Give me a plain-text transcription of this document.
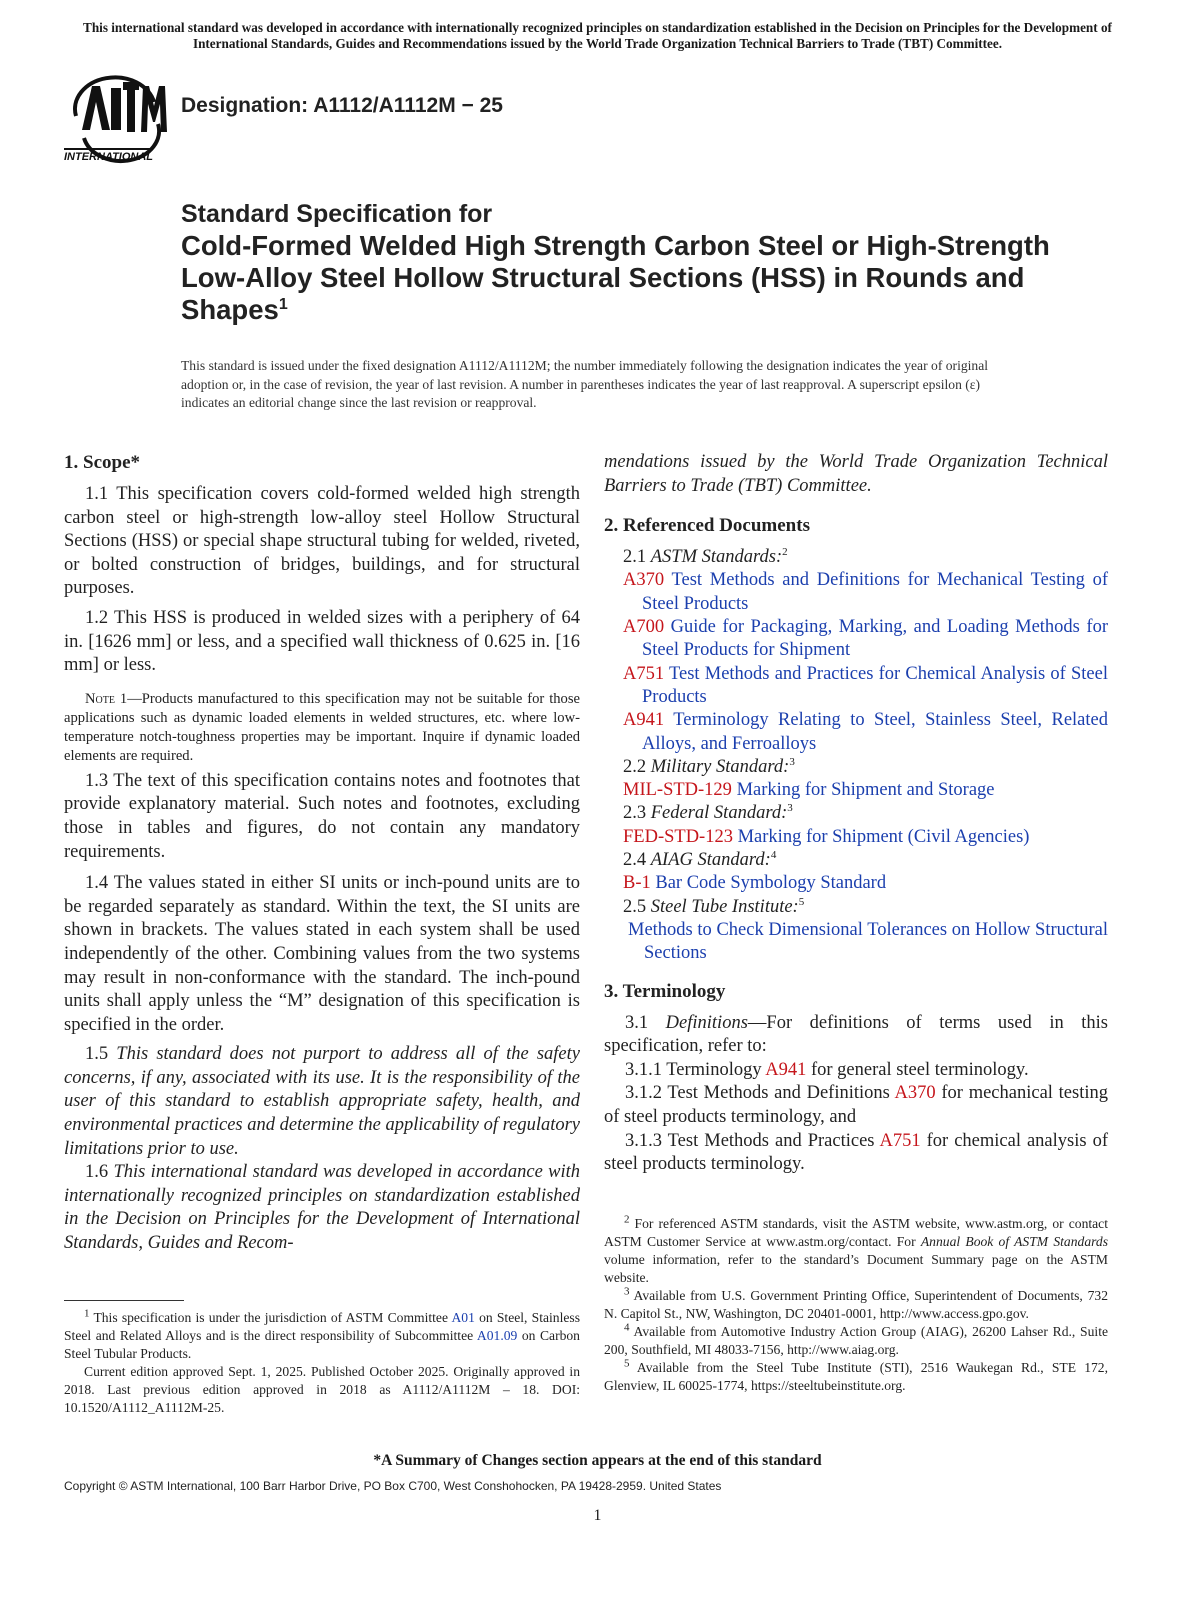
This international standard was developed in accordance with internationally recognized principles on standardization established in the Decision on Principles for the Development of International Standards, Guides and Recommendations issued by the World Trade Organization Technical Barriers to Trade (TBT) Committee.
INTERNATIONAL
Designation: A1112/A1112M − 25
Standard Specification for
Cold-Formed Welded High Strength Carbon Steel or High-Strength Low-Alloy Steel Hollow Structural Sections (HSS) in Rounds and Shapes$^1$
This standard is issued under the fixed designation A1112/A1112M; the number immediately following the designation indicates the year of original adoption or, in the case of revision, the year of last revision. A number in parentheses indicates the year of last reapproval. A superscript epsilon (ε) indicates an editorial change since the last revision or reapproval.
1. Scope*

1.1 This specification covers cold-formed welded high strength carbon steel or high-strength low-alloy steel Hollow Structural Sections (HSS) or special shape structural tubing for welded, riveted, or bolted construction of bridges, buildings, and for structural purposes.

1.2 This HSS is produced in welded sizes with a periphery of 64 in. [1626 mm] or less, and a specified wall thickness of 0.625 in. [16 mm] or less.

Note 1—Products manufactured to this specification may not be suitable for those applications such as dynamic loaded elements in welded structures, etc. where low-temperature notch-toughness properties may be important. Inquire if dynamic loaded elements are required.

1.3 The text of this specification contains notes and footnotes that provide explanatory material. Such notes and footnotes, excluding those in tables and figures, do not contain any mandatory requirements.

1.4 The values stated in either SI units or inch-pound units are to be regarded separately as standard. Within the text, the SI units are shown in brackets. The values stated in each system shall be used independently of the other. Combining values from the two systems may result in non-conformance with the standard. The inch-pound units shall apply unless the “M” designation of this specification is specified in the order.

1.5 This standard does not purport to address all of the safety concerns, if any, associated with its use. It is the responsibility of the user of this standard to establish appropriate safety, health, and environmental practices and determine the applicability of regulatory limitations prior to use.

1.6 This international standard was developed in accordance with internationally recognized principles on standardization established in the Decision on Principles for the Development of International Standards, Guides and Recom-

$^1$ This specification is under the jurisdiction of ASTM Committee A01 on Steel, Stainless Steel and Related Alloys and is the direct responsibility of Subcommittee A01.09 on Carbon Steel Tubular Products.

Current edition approved Sept. 1, 2025. Published October 2025. Originally approved in 2018. Last previous edition approved in 2018 as A1112/A1112M – 18. DOI: 10.1520/A1112_A1112M-25.

mendations issued by the World Trade Organization Technical Barriers to Trade (TBT) Committee.

2. Referenced Documents

2.1 ASTM Standards:$^2$

A370 Test Methods and Definitions for Mechanical Testing of Steel Products

A700 Guide for Packaging, Marking, and Loading Methods for Steel Products for Shipment

A751 Test Methods and Practices for Chemical Analysis of Steel Products

A941 Terminology Relating to Steel, Stainless Steel, Related Alloys, and Ferroalloys

2.2 Military Standard:$^3$

MIL-STD-129 Marking for Shipment and Storage

2.3 Federal Standard:$^3$

FED-STD-123 Marking for Shipment (Civil Agencies)

2.4 AIAG Standard:$^4$

B-1 Bar Code Symbology Standard

2.5 Steel Tube Institute:$^5$

Methods to Check Dimensional Tolerances on Hollow Structural Sections

3. Terminology

3.1 Definitions—For definitions of terms used in this specification, refer to:

3.1.1 Terminology A941 for general steel terminology.

3.1.2 Test Methods and Definitions A370 for mechanical testing of steel products terminology, and

3.1.3 Test Methods and Practices A751 for chemical analysis of steel products terminology.

$^2$ For referenced ASTM standards, visit the ASTM website, www.astm.org, or contact ASTM Customer Service at www.astm.org/contact. For Annual Book of ASTM Standards volume information, refer to the standard’s Document Summary page on the ASTM website.

$^3$ Available from U.S. Government Printing Office, Superintendent of Documents, 732 N. Capitol St., NW, Washington, DC 20401-0001, http://www.access.gpo.gov.

$^4$ Available from Automotive Industry Action Group (AIAG), 26200 Lahser Rd., Suite 200, Southfield, MI 48033-7156, http://www.aiag.org.

$^5$ Available from the Steel Tube Institute (STI), 2516 Waukegan Rd., STE 172, Glenview, IL 60025-1774, https://steeltubeinstitute.org.

*A Summary of Changes section appears at the end of this standard
Copyright © ASTM International, 100 Barr Harbor Drive, PO Box C700, West Conshohocken, PA 19428-2959. United States
1
